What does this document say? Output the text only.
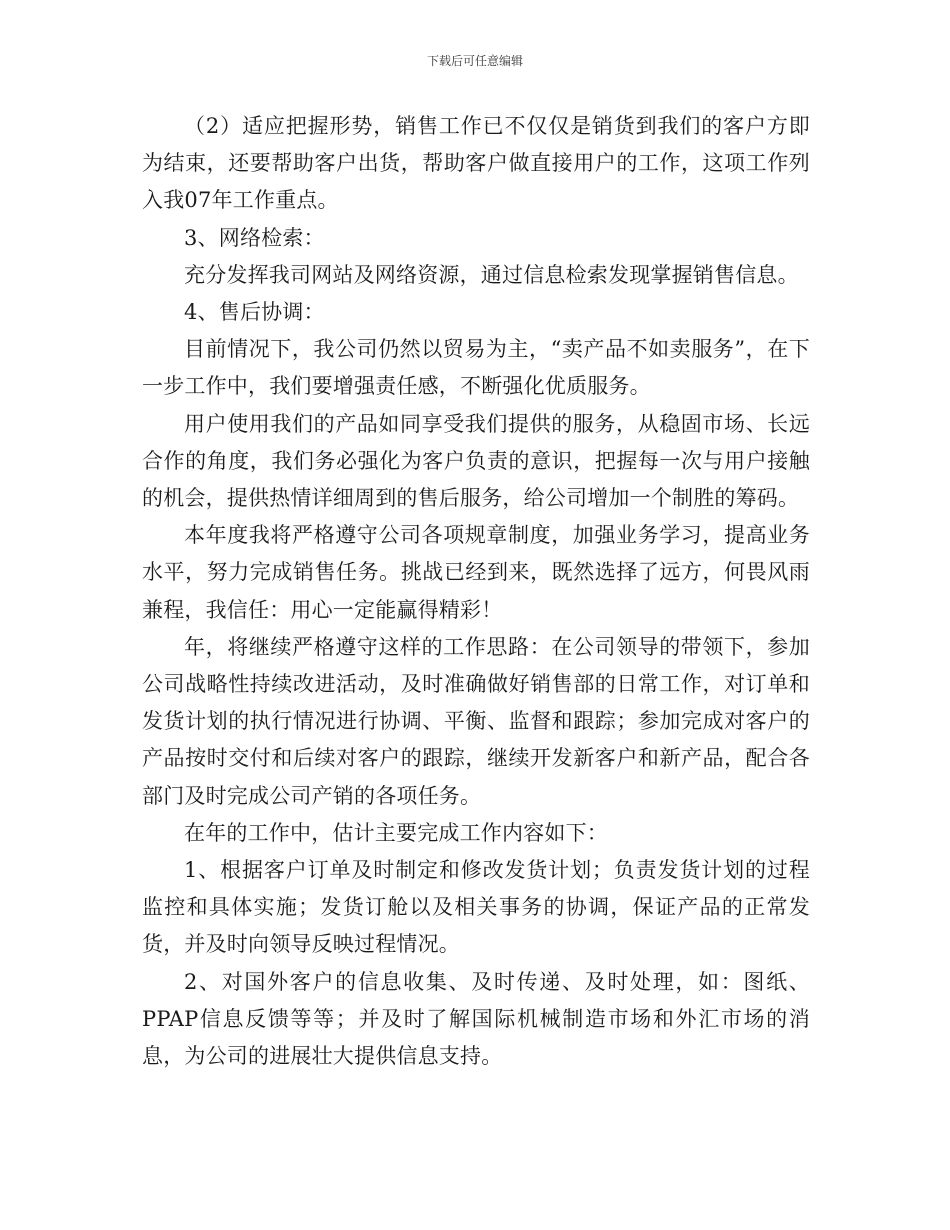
下载后可任意编辑

（2）适应把握形势，销售工作已不仅仅是销货到我们的客户方即为结束，还要帮助客户出货，帮助客户做直接用户的工作，这项工作列入我07年工作重点。

3、网络检索：

充分发挥我司网站及网络资源，通过信息检索发现掌握销售信息。

4、售后协调：

目前情况下，我公司仍然以贸易为主，“卖产品不如卖服务”，在下一步工作中，我们要增强责任感，不断强化优质服务。

用户使用我们的产品如同享受我们提供的服务，从稳固市场、长远合作的角度，我们务必强化为客户负责的意识，把握每一次与用户接触的机会，提供热情详细周到的售后服务，给公司增加一个制胜的筹码。

本年度我将严格遵守公司各项规章制度，加强业务学习，提高业务水平，努力完成销售任务。挑战已经到来，既然选择了远方，何畏风雨兼程，我信任：用心一定能赢得精彩！

年，将继续严格遵守这样的工作思路：在公司领导的带领下，参加公司战略性持续改进活动，及时准确做好销售部的日常工作，对订单和发货计划的执行情况进行协调、平衡、监督和跟踪；参加完成对客户的产品按时交付和后续对客户的跟踪，继续开发新客户和新产品，配合各部门及时完成公司产销的各项任务。

在年的工作中，估计主要完成工作内容如下：

1、根据客户订单及时制定和修改发货计划；负责发货计划的过程监控和具体实施；发货订舱以及相关事务的协调，保证产品的正常发货，并及时向领导反映过程情况。

2、对国外客户的信息收集、及时传递、及时处理，如：图纸、PPAP信息反馈等等；并及时了解国际机械制造市场和外汇市场的消息，为公司的进展壮大提供信息支持。
